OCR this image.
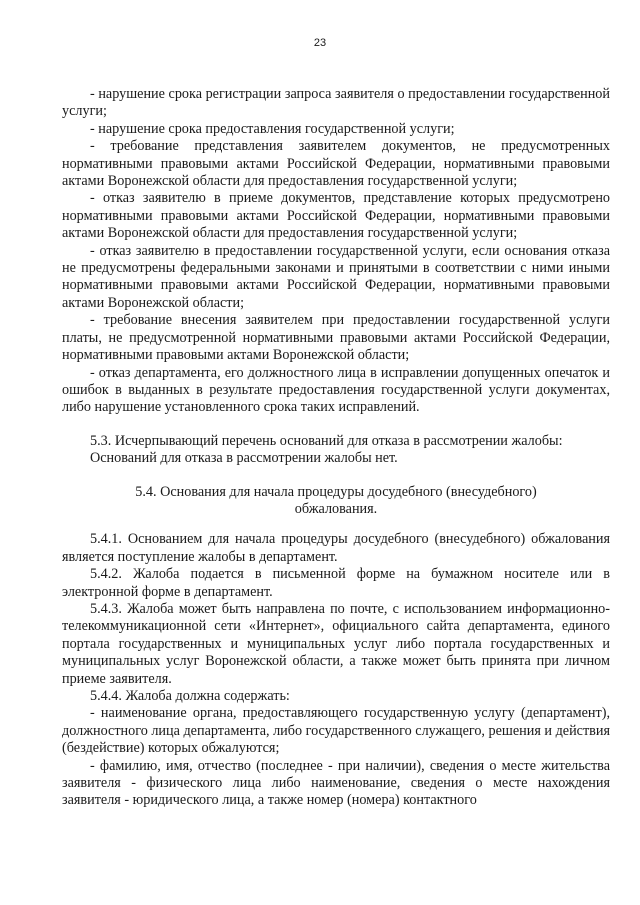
23

- нарушение срока регистрации запроса заявителя о предоставлении государственной услуги;

- нарушение срока предоставления государственной услуги;

- требование представления заявителем документов, не предусмотренных нормативными правовыми актами Российской Федерации, нормативными правовыми актами Воронежской области для предоставления государственной услуги;

- отказ заявителю в приеме документов, представление которых предусмотрено нормативными правовыми актами Российской Федерации, нормативными правовыми актами Воронежской области для предоставления государственной услуги;

- отказ заявителю в предоставлении государственной услуги, если основания отказа не предусмотрены федеральными законами и принятыми в соответствии с ними иными нормативными правовыми актами Российской Федерации, нормативными правовыми актами Воронежской области;

- требование внесения заявителем при предоставлении государственной услуги платы, не предусмотренной нормативными правовыми актами Российской Федерации, нормативными правовыми актами Воронежской области;

- отказ департамента, его должностного лица в исправлении допущенных опечаток и ошибок в выданных в результате предоставления государственной услуги документах, либо нарушение установленного срока таких исправлений.

5.3. Исчерпывающий перечень оснований для отказа в рассмотрении жалобы:

Оснований для отказа в рассмотрении жалобы нет.

5.4. Основания для начала процедуры досудебного (внесудебного) обжалования.

5.4.1. Основанием для начала процедуры досудебного (внесудебного) обжалования является поступление жалобы в департамент.

5.4.2. Жалоба подается в письменной форме на бумажном носителе или в электронной форме в департамент.

5.4.3. Жалоба может быть направлена по почте, с использованием информационно-телекоммуникационной сети «Интернет», официального сайта департамента, единого портала государственных и муниципальных услуг либо портала государственных и муниципальных услуг Воронежской области, а также может быть принята при личном приеме заявителя.

5.4.4. Жалоба должна содержать:

- наименование органа, предоставляющего государственную услугу (департамент), должностного лица департамента, либо государственного служащего, решения и действия (бездействие) которых обжалуются;

- фамилию, имя, отчество (последнее - при наличии), сведения о месте жительства заявителя - физического лица либо наименование, сведения о месте нахождения заявителя - юридического лица, а также номер (номера) контактного
